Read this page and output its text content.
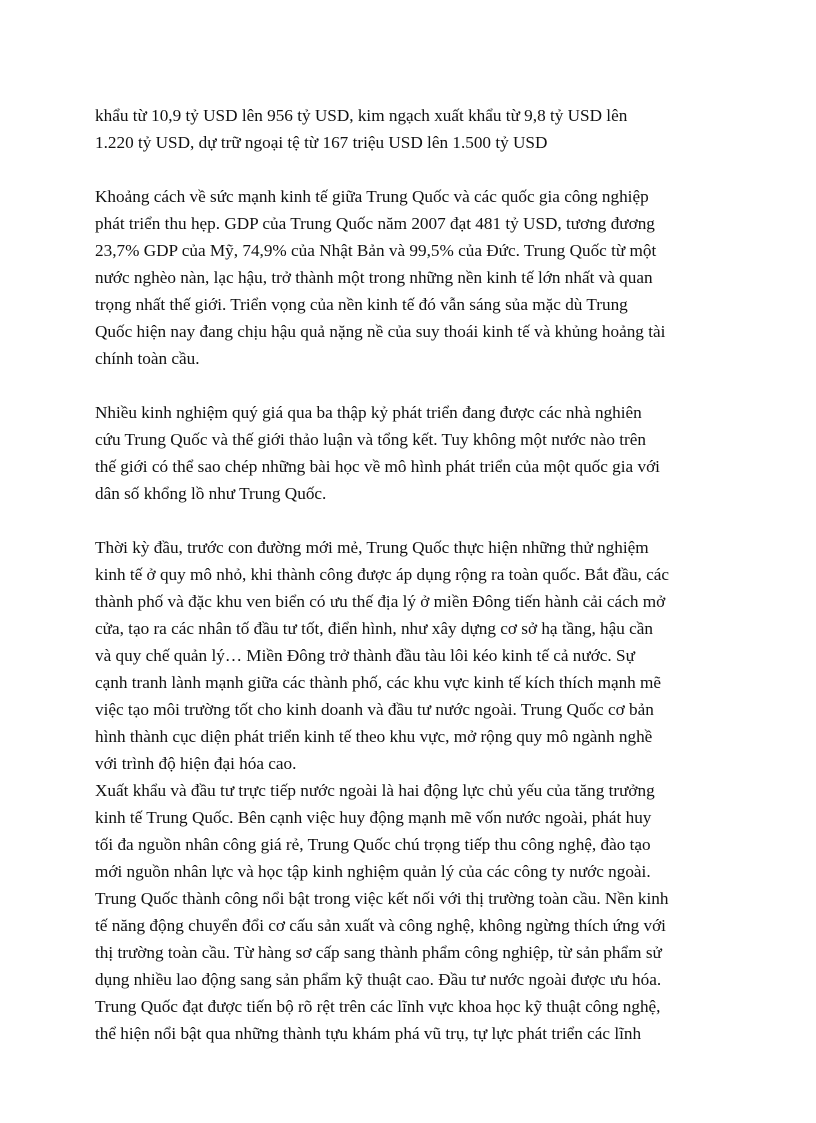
khẩu từ 10,9 tỷ USD lên 956 tỷ USD, kim ngạch xuất khẩu từ 9,8 tỷ USD lên
1.220 tỷ USD, dự trữ ngoại tệ từ 167 triệu USD lên 1.500 tỷ USD
Khoảng cách về sức mạnh kinh tế giữa Trung Quốc và các quốc gia công nghiệp
phát triển thu hẹp. GDP của Trung Quốc năm 2007 đạt 481 tỷ USD, tương đương
23,7% GDP của Mỹ, 74,9% của Nhật Bản và 99,5% của Đức. Trung Quốc từ một
nước nghèo nàn, lạc hậu, trở thành một trong những nền kinh tế lớn nhất và quan
trọng nhất thế giới. Triển vọng của nền kinh tế đó vẫn sáng sủa mặc dù Trung
Quốc hiện nay đang chịu hậu quả nặng nề của suy thoái kinh tế và khủng hoảng tài
chính toàn cầu.
Nhiều kinh nghiệm quý giá qua ba thập kỷ phát triển đang được các nhà nghiên
cứu Trung Quốc và thế giới thảo luận và tổng kết. Tuy không một nước nào trên
thế giới có thể sao chép những bài học về mô hình phát triển của một quốc gia với
dân số khổng lồ như Trung Quốc.
Thời kỳ đầu, trước con đường mới mẻ, Trung Quốc thực hiện những thử nghiệm
kinh tế ở quy mô nhỏ, khi thành công được áp dụng rộng ra toàn quốc. Bắt đầu, các
thành phố và đặc khu ven biển có ưu thế địa lý ở miền Đông tiến hành cải cách mở
cửa, tạo ra các nhân tố đầu tư tốt, điển hình, như xây dựng cơ sở hạ tầng, hậu cần
và quy chế quản lý… Miền Đông trở thành đầu tàu lôi kéo kinh tế cả nước. Sự
cạnh tranh lành mạnh giữa các thành phố, các khu vực kinh tế kích thích mạnh mẽ
việc tạo môi trường tốt cho kinh doanh và đầu tư nước ngoài. Trung Quốc cơ bản
hình thành cục diện phát triển kinh tế theo khu vực, mở rộng quy mô ngành nghề
với trình độ hiện đại hóa cao.
Xuất khẩu và đầu tư trực tiếp nước ngoài là hai động lực chủ yếu của tăng trưởng
kinh tế Trung Quốc. Bên cạnh việc huy động mạnh mẽ vốn nước ngoài, phát huy
tối đa nguồn nhân công giá rẻ, Trung Quốc chú trọng tiếp thu công nghệ, đào tạo
mới nguồn nhân lực và học tập kinh nghiệm quản lý của các công ty nước ngoài.
Trung Quốc thành công nổi bật trong việc kết nối với thị trường toàn cầu. Nền kinh
tế năng động chuyển đổi cơ cấu sản xuất và công nghệ, không ngừng thích ứng với
thị trường toàn cầu. Từ hàng sơ cấp sang thành phẩm công nghiệp, từ sản phẩm sử
dụng nhiều lao động sang sản phẩm kỹ thuật cao. Đầu tư nước ngoài được ưu hóa.
Trung Quốc đạt được tiến bộ rõ rệt trên các lĩnh vực khoa học kỹ thuật công nghệ,
thể hiện nổi bật qua những thành tựu khám phá vũ trụ, tự lực phát triển các lĩnh
